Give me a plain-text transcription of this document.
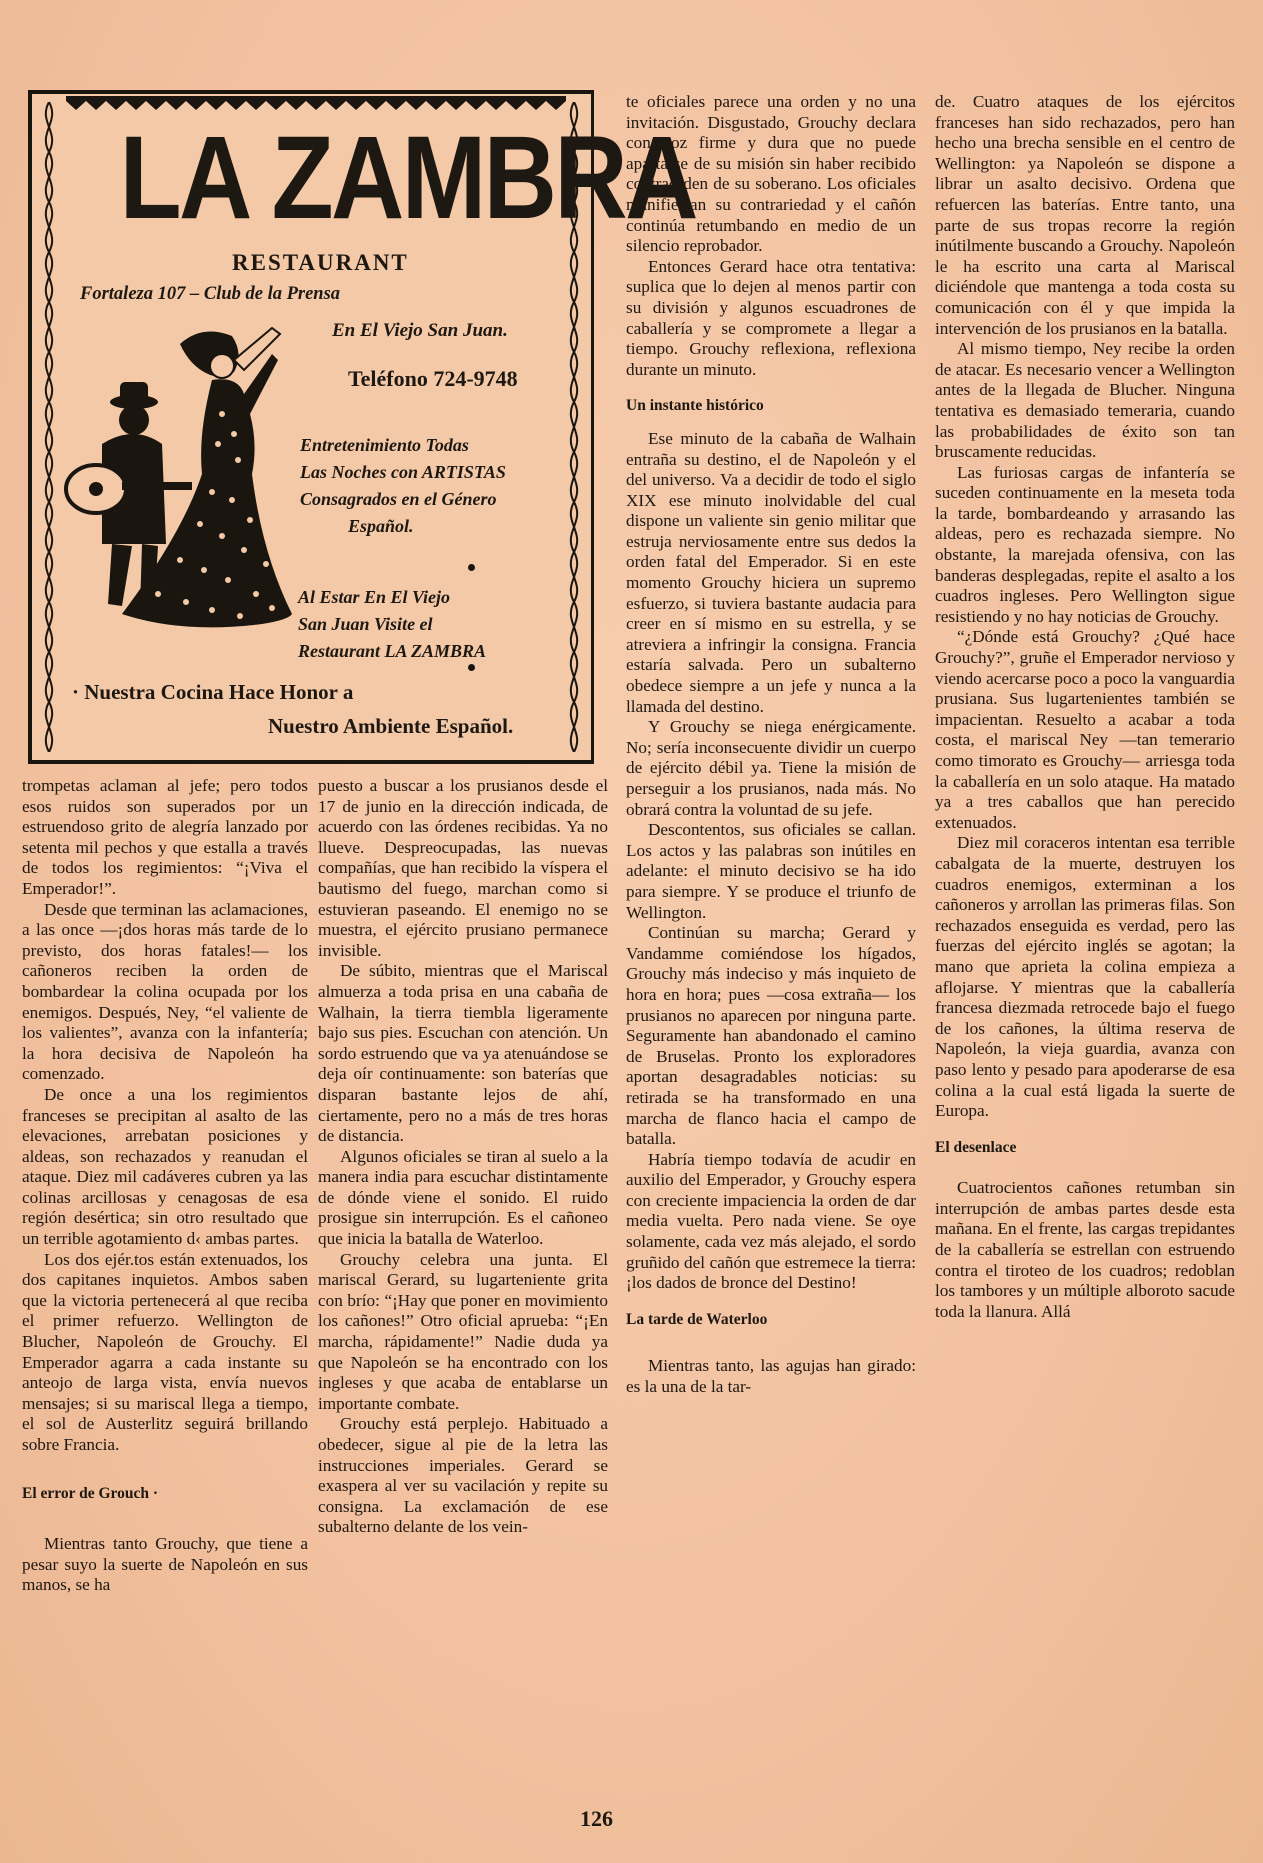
LA ZAMBRA
RESTAURANT
Fortaleza 107 – Club de la Prensa
En El Viejo San Juan.
Teléfono 724-9748
Entretenimiento Todas
Las Noches con ARTISTAS
Consagrados en el Género
Español.
Al Estar En El Viejo
San Juan Visite el
Restaurant LA ZAMBRA
· Nuestra Cocina Hace Honor a
Nuestro Ambiente Español.

trompetas aclaman al jefe; pero todos esos ruidos son superados por un estruendoso grito de alegría lanzado por setenta mil pechos y que estalla a través de todos los regimientos: “¡Viva el Emperador!”.

Desde que terminan las aclamaciones, a las once —¡dos horas más tarde de lo previsto, dos horas fatales!— los cañoneros reciben la orden de bombardear la colina ocupada por los enemigos. Después, Ney, “el valiente de los valientes”, avanza con la infantería; la hora decisiva de Napoleón ha comenzado.

De once a una los regimientos franceses se precipitan al asalto de las elevaciones, arrebatan posiciones y aldeas, son rechazados y reanudan el ataque. Diez mil cadáveres cubren ya las colinas arcillosas y cenagosas de esa región desértica; sin otro resultado que un terrible agotamiento d‹ ambas partes.

Los dos ejér.tos están extenuados, los dos capitanes inquietos. Ambos saben que la victoria pertenecerá al que reciba el primer refuerzo. Wellington de Blucher, Napoleón de Grouchy. El Emperador agarra a cada instante su anteojo de larga vista, envía nuevos mensajes; si su mariscal llega a tiempo, el sol de Austerlitz seguirá brillando sobre Francia.

El error de Grouch ·

Mientras tanto Grouchy, que tiene a pesar suyo la suerte de Napoleón en sus manos, se ha

puesto a buscar a los prusianos desde el 17 de junio en la dirección indicada, de acuerdo con las órdenes recibidas. Ya no llueve. Despreocupadas, las nuevas compañías, que han recibido la víspera el bautismo del fuego, marchan como si estuvieran paseando. El enemigo no se muestra, el ejército prusiano permanece invisible.

De súbito, mientras que el Mariscal almuerza a toda prisa en una cabaña de Walhain, la tierra tiembla ligeramente bajo sus pies. Escuchan con atención. Un sordo estruendo que va ya atenuándose se deja oír continuamente: son baterías que disparan bastante lejos de ahí, ciertamente, pero no a más de tres horas de distancia.

Algunos oficiales se tiran al suelo a la manera india para escuchar distintamente de dónde viene el sonido. El ruido prosigue sin interrupción. Es el cañoneo que inicia la batalla de Waterloo.

Grouchy celebra una junta. El mariscal Gerard, su lugarteniente grita con brío: “¡Hay que poner en movimiento los cañones!” Otro oficial aprueba: “¡En marcha, rápidamente!” Nadie duda ya que Napoleón se ha encontrado con los ingleses y que acaba de entablarse un importante combate.

Grouchy está perplejo. Habituado a obedecer, sigue al pie de la letra las instrucciones imperiales. Gerard se exaspera al ver su vacilación y repite su consigna. La exclamación de ese subalterno delante de los vein-

te oficiales parece una orden y no una invitación. Disgustado, Grouchy declara con voz firme y dura que no puede apartarse de su misión sin haber recibido contraorden de su soberano. Los oficiales manifiestan su contrariedad y el cañón continúa retumbando en medio de un silencio reprobador.

Entonces Gerard hace otra tentativa: suplica que lo dejen al menos partir con su división y algunos escuadrones de caballería y se compromete a llegar a tiempo. Grouchy reflexiona, reflexiona durante un minuto.

Un instante histórico

Ese minuto de la cabaña de Walhain entraña su destino, el de Napoleón y el del universo. Va a decidir de todo el siglo XIX ese minuto inolvidable del cual dispone un valiente sin genio militar que estruja nerviosamente entre sus dedos la orden fatal del Emperador. Si en este momento Grouchy hiciera un supremo esfuerzo, si tuviera bastante audacia para creer en sí mismo en su estrella, y se atreviera a infringir la consigna. Francia estaría salvada. Pero un subalterno obedece siempre a un jefe y nunca a la llamada del destino.

Y Grouchy se niega enérgicamente. No; sería inconsecuente dividir un cuerpo de ejército débil ya. Tiene la misión de perseguir a los prusianos, nada más. No obrará contra la voluntad de su jefe.

Descontentos, sus oficiales se callan. Los actos y las palabras son inútiles en adelante: el minuto decisivo se ha ido para siempre. Y se produce el triunfo de Wellington.

Continúan su marcha; Gerard y Vandamme comiéndose los hígados, Grouchy más indeciso y más inquieto de hora en hora; pues —cosa extraña— los prusianos no aparecen por ninguna parte. Seguramente han abandonado el camino de Bruselas. Pronto los exploradores aportan desagradables noticias: su retirada se ha transformado en una marcha de flanco hacia el campo de batalla.

Habría tiempo todavía de acudir en auxilio del Emperador, y Grouchy espera con creciente impaciencia la orden de dar media vuelta. Pero nada viene. Se oye solamente, cada vez más alejado, el sordo gruñido del cañón que estremece la tierra: ¡los dados de bronce del Destino!

La tarde de Waterloo

Mientras tanto, las agujas han girado: es la una de la tar-

de. Cuatro ataques de los ejércitos franceses han sido rechazados, pero han hecho una brecha sensible en el centro de Wellington: ya Napoleón se dispone a librar un asalto decisivo. Ordena que refuercen las baterías. Entre tanto, una parte de sus tropas recorre la región inútilmente buscando a Grouchy. Napoleón le ha escrito una carta al Mariscal diciéndole que mantenga a toda costa su comunicación con él y que impida la intervención de los prusianos en la batalla.

Al mismo tiempo, Ney recibe la orden de atacar. Es necesario vencer a Wellington antes de la llegada de Blucher. Ninguna tentativa es demasiado temeraria, cuando las probabilidades de éxito son tan bruscamente reducidas.

Las furiosas cargas de infantería se suceden continuamente en la meseta toda la tarde, bombardeando y arrasando las aldeas, pero es rechazada siempre. No obstante, la marejada ofensiva, con las banderas desplegadas, repite el asalto a los cuadros ingleses. Pero Wellington sigue resistiendo y no hay noticias de Grouchy.

“¿Dónde está Grouchy? ¿Qué hace Grouchy?”, gruñe el Emperador nervioso y viendo acercarse poco a poco la vanguardia prusiana. Sus lugartenientes también se impacientan. Resuelto a acabar a toda costa, el mariscal Ney —tan temerario como timorato es Grouchy— arriesga toda la caballería en un solo ataque. Ha matado ya a tres caballos que han perecido extenuados.

Diez mil coraceros intentan esa terrible cabalgata de la muerte, destruyen los cuadros enemigos, exterminan a los cañoneros y arrollan las primeras filas. Son rechazados enseguida es verdad, pero las fuerzas del ejército inglés se agotan; la mano que aprieta la colina empieza a aflojarse. Y mientras que la caballería francesa diezmada retrocede bajo el fuego de los cañones, la última reserva de Napoleón, la vieja guardia, avanza con paso lento y pesado para apoderarse de esa colina a la cual está ligada la suerte de Europa.

El desenlace

Cuatrocientos cañones retumban sin interrupción de ambas partes desde esta mañana. En el frente, las cargas trepidantes de la caballería se estrellan con estruendo contra el tiroteo de los cuadros; redoblan los tambores y un múltiple alboroto sacude toda la llanura. Allá

126
